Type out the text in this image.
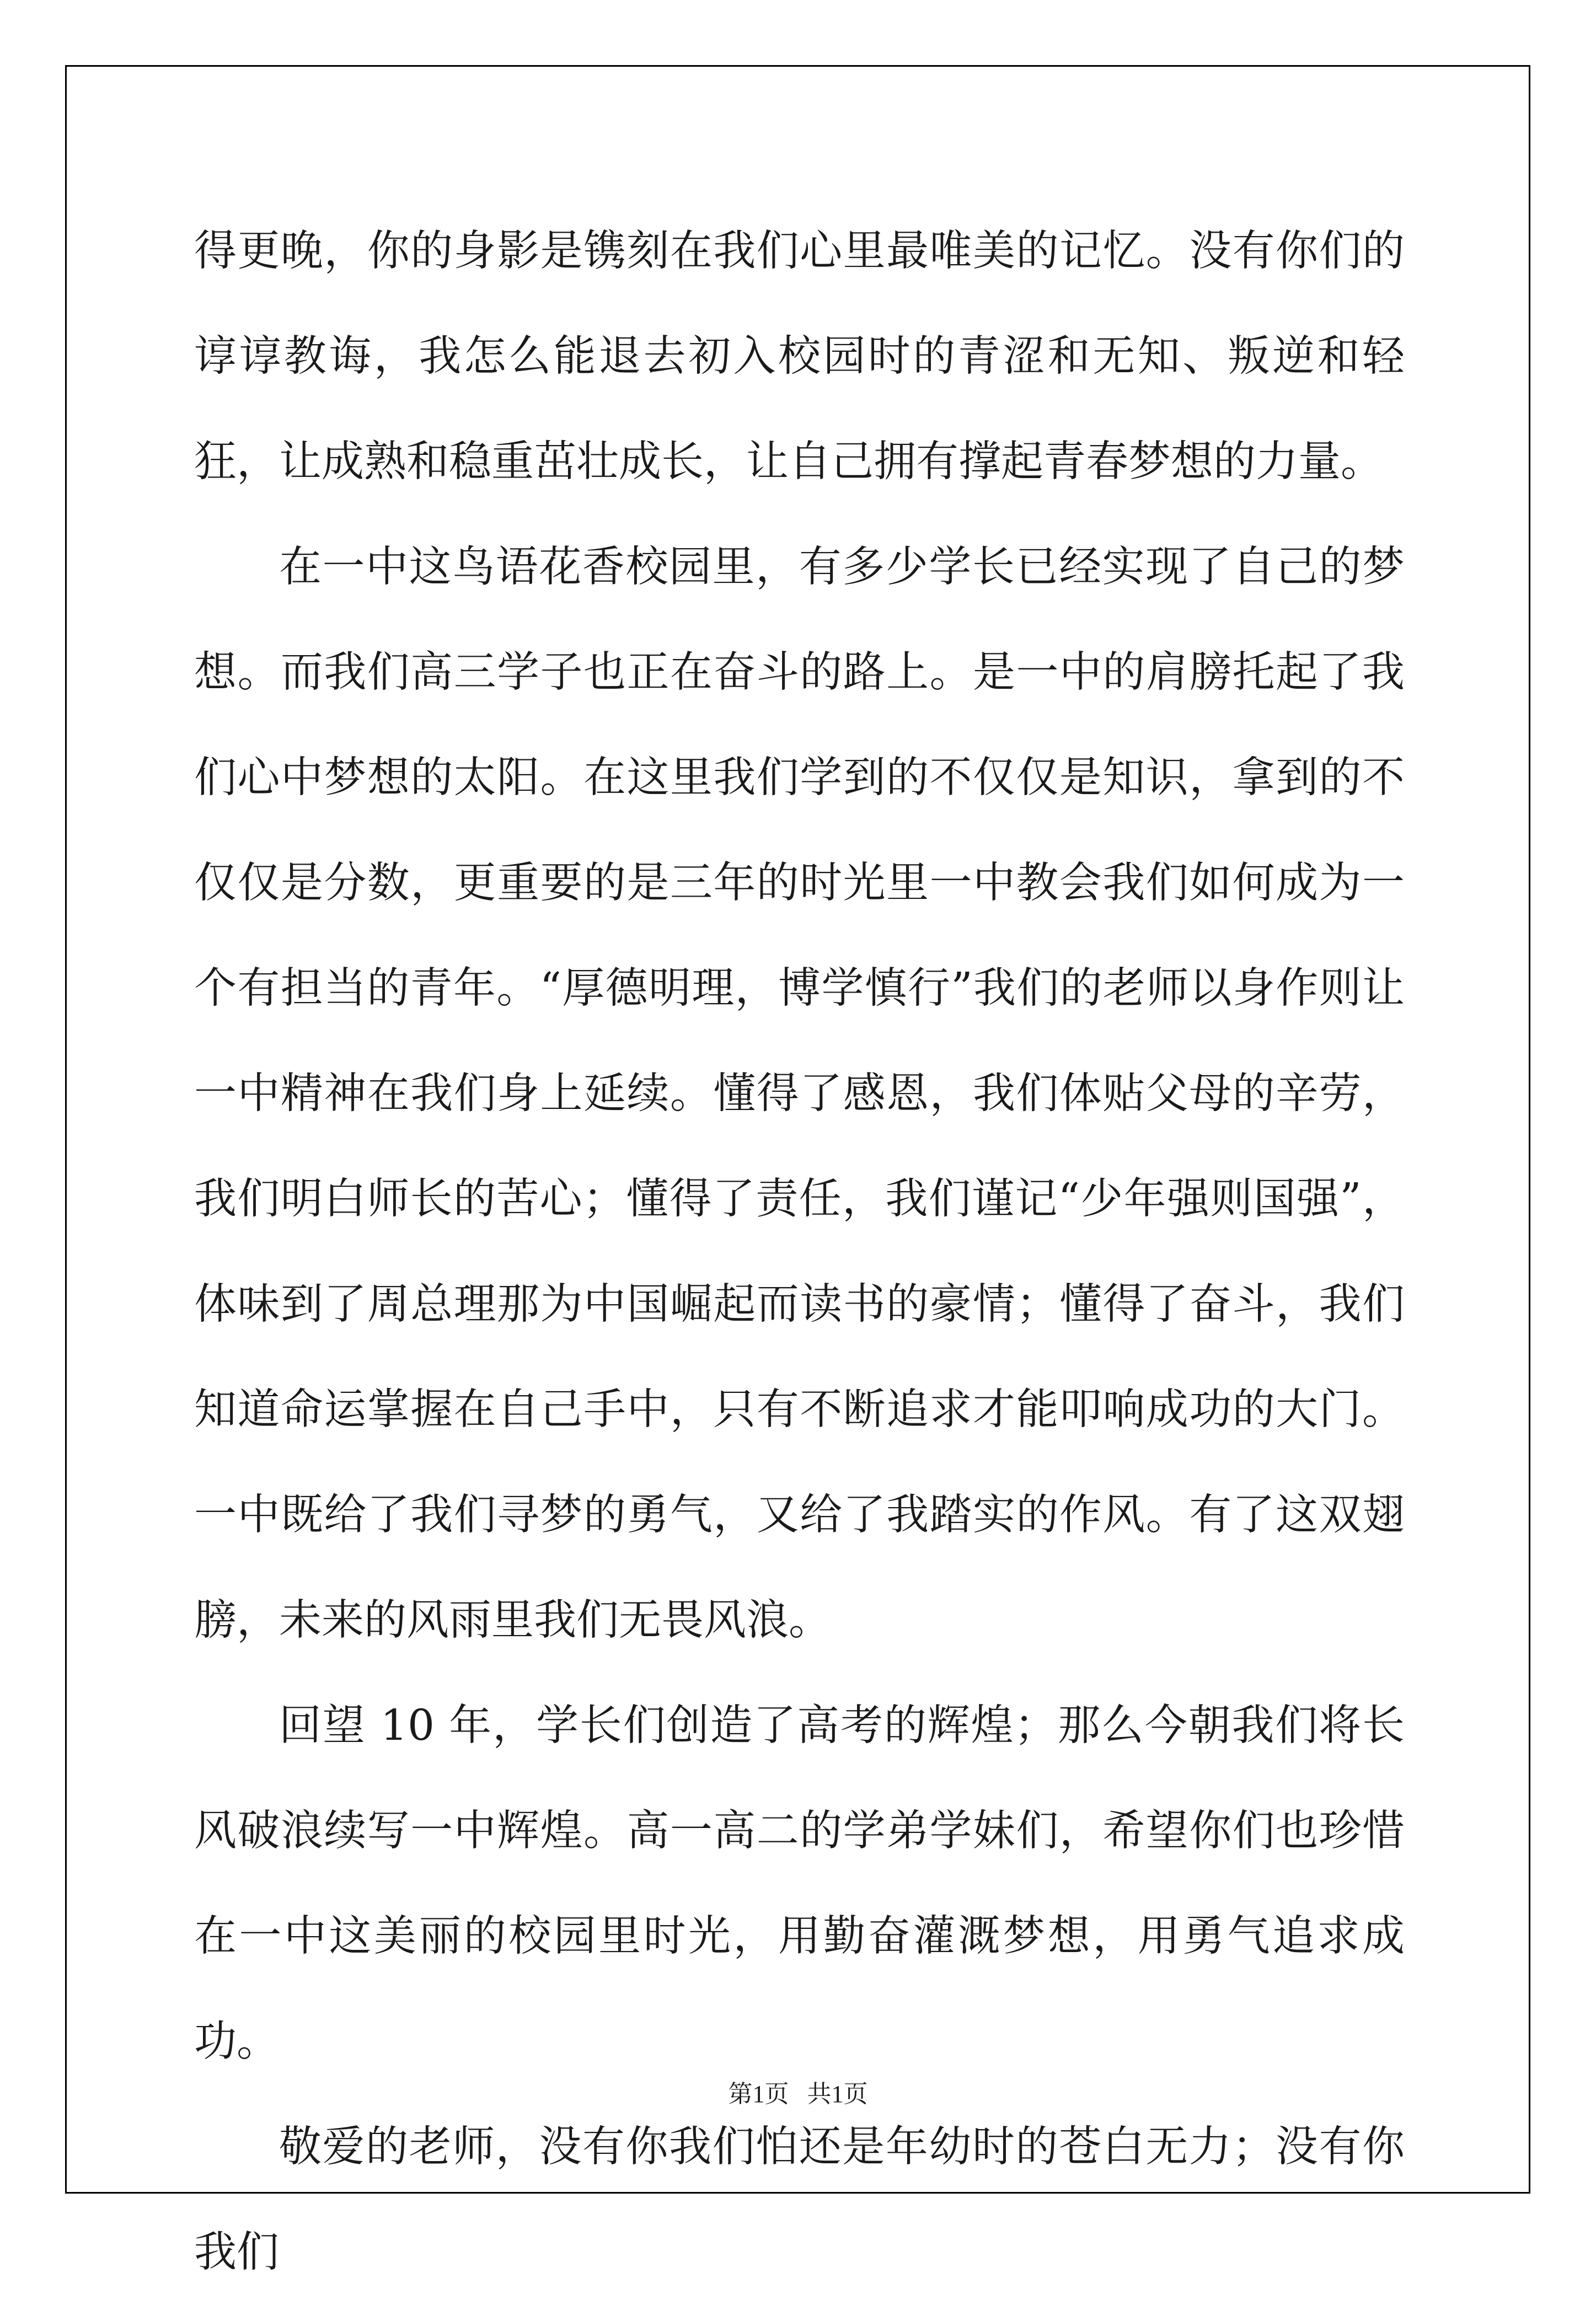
得更晚，你的身影是镌刻在我们心里最唯美的记忆。没有你们的谆谆教诲，我怎么能退去初入校园时的青涩和无知、叛逆和轻狂，让成熟和稳重茁壮成长，让自己拥有撑起青春梦想的力量。

在一中这鸟语花香校园里，有多少学长已经实现了自己的梦想。而我们高三学子也正在奋斗的路上。是一中的肩膀托起了我们心中梦想的太阳。在这里我们学到的不仅仅是知识，拿到的不仅仅是分数，更重要的是三年的时光里一中教会我们如何成为一个有担当的青年。“厚德明理，博学慎行”我们的老师以身作则让一中精神在我们身上延续。懂得了感恩，我们体贴父母的辛劳，我们明白师长的苦心；懂得了责任，我们谨记“少年强则国强”，体味到了周总理那为中国崛起而读书的豪情；懂得了奋斗，我们知道命运掌握在自己手中，只有不断追求才能叩响成功的大门。一中既给了我们寻梦的勇气，又给了我踏实的作风。有了这双翅膀，未来的风雨里我们无畏风浪。

回望 10 年，学长们创造了高考的辉煌；那么今朝我们将长风破浪续写一中辉煌。高一高二的学弟学妹们，希望你们也珍惜在一中这美丽的校园里时光，用勤奋灌溉梦想，用勇气追求成功。

敬爱的老师，没有你我们怕还是年幼时的苍白无力；没有你我们

第1页   共1页
